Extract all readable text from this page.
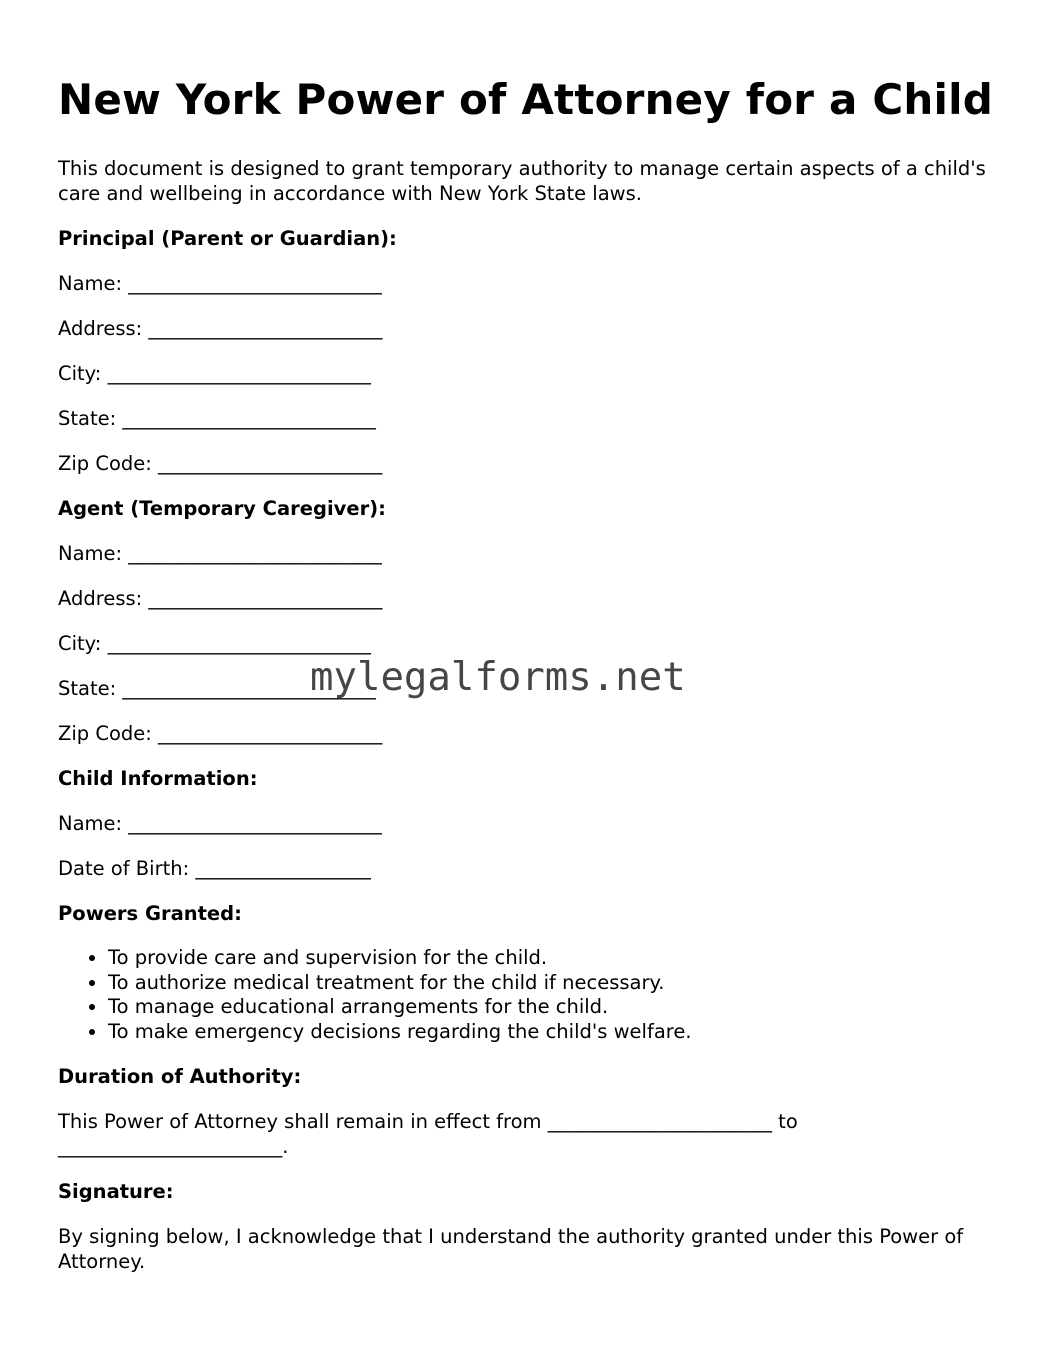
New York Power of Attorney for a Child

This document is designed to grant temporary authority to manage certain aspects of a child's care and wellbeing in accordance with New York State laws.

Principal (Parent or Guardian):

Name: __________________________

Address: ________________________

City: ___________________________

State: __________________________

Zip Code: _______________________

Agent (Temporary Caregiver):

Name: __________________________

Address: ________________________

City: ___________________________

State: __________________________

Zip Code: _______________________

Child Information:

Name: __________________________

Date of Birth: __________________

Powers Granted:

• To provide care and supervision for the child.
• To authorize medical treatment for the child if necessary.
• To manage educational arrangements for the child.
• To make emergency decisions regarding the child's welfare.

Duration of Authority:

This Power of Attorney shall remain in effect from _______________________ to _______________________.

Signature:

By signing below, I acknowledge that I understand the authority granted under this Power of Attorney.

mylegalforms.net
